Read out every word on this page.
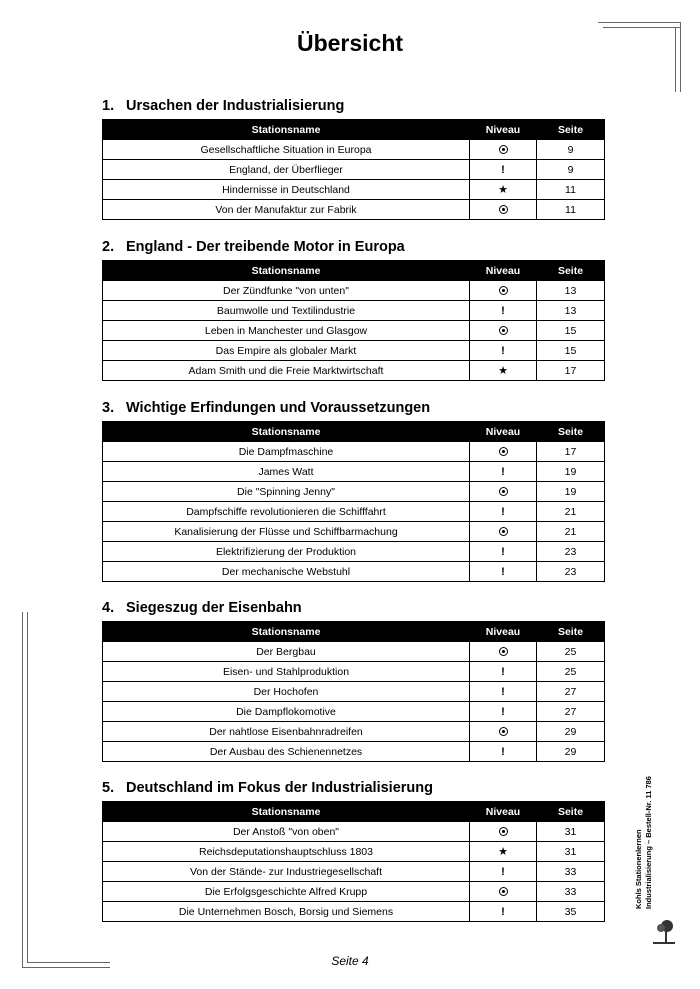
Übersicht
1. Ursachen der Industrialisierung
Stationsname	Niveau	Seite
Gesellschaftliche Situation in Europa		9
England, der Überflieger	!	9
Hindernisse in Deutschland	★	11
Von der Manufaktur zur Fabrik		11
2. England - Der treibende Motor in Europa
Stationsname	Niveau	Seite
Der Zündfunke "von unten"		13
Baumwolle und Textilindustrie	!	13
Leben in Manchester und Glasgow		15
Das Empire als globaler Markt	!	15
Adam Smith und die Freie Marktwirtschaft	★	17
3. Wichtige Erfindungen und Voraussetzungen
Stationsname	Niveau	Seite
Die Dampfmaschine		17
James Watt	!	19
Die "Spinning Jenny"		19
Dampfschiffe revolutionieren die Schifffahrt	!	21
Kanalisierung der Flüsse und Schiffbarmachung		21
Elektrifizierung der Produktion	!	23
Der mechanische Webstuhl	!	23
4. Siegeszug der Eisenbahn
Stationsname	Niveau	Seite
Der Bergbau		25
Eisen- und Stahlproduktion	!	25
Der Hochofen	!	27
Die Dampflokomotive	!	27
Der nahtlose Eisenbahnradreifen		29
Der Ausbau des Schienennetzes	!	29
5. Deutschland im Fokus der Industrialisierung
Stationsname	Niveau	Seite
Der Anstoß "von oben"		31
Reichsdeputationshauptschluss 1803	★	31
Von der Stände- zur Industriegesellschaft	!	33
Die Erfolgsgeschichte Alfred Krupp		33
Die Unternehmen Bosch, Borsig und Siemens	!	35
Seite 4
Kohls Stationenlernen Industrialisierung – Bestell-Nr. 11 786
